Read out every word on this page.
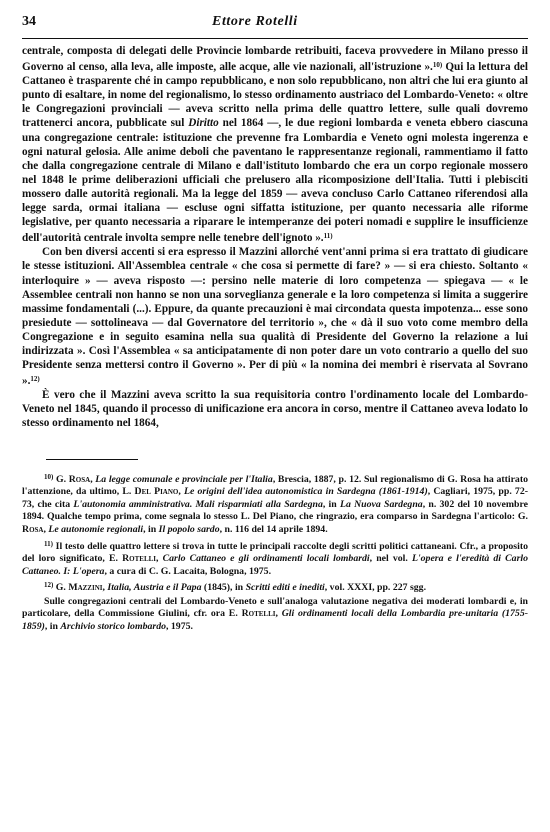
34	Ettore Rotelli

centrale, composta di delegati delle Provincie lombarde retribuiti, faceva provvedere in Milano presso il Governo al censo, alla leva, alle imposte, alle acque, alle vie nazionali, all'istruzione ».$^{10)}$ Qui la lettura del Cattaneo è trasparente ché in campo repubblicano, e non solo repubblicano, non altri che lui era giunto al punto di esaltare, in nome del regionalismo, lo stesso ordinamento austriaco del Lombardo-Veneto: « oltre le Congregazioni provinciali — aveva scritto nella prima delle quattro lettere, sulle quali dovremo trattenerci ancora, pubblicate sul Diritto nel 1864 —, le due regioni lombarda e veneta ebbero ciascuna una congregazione centrale: istituzione che prevenne fra Lombardia e Veneto ogni molesta ingerenza e ogni natural gelosia. Alle anime deboli che paventano le rappresentanze regionali, rammentiamo il fatto che dalla congregazione centrale di Milano e dall'istituto lombardo che era un corpo regionale mossero nel 1848 le prime deliberazioni ufficiali che prelusero alla ricomposizione dell'Italia. Tutti i plebisciti mossero dalle autorità regionali. Ma la legge del 1859 — aveva concluso Carlo Cattaneo riferendosi alla legge sarda, ormai italiana — escluse ogni siffatta istituzione, per quanto necessaria alle riforme legislative, per quanto necessaria a riparare le intemperanze dei poteri nomadi e supplire le insufficienze dell'autorità centrale involta sempre nelle tenebre dell'ignoto ».$^{11)}$

Con ben diversi accenti si era espresso il Mazzini allorché vent'anni prima si era trattato di giudicare le stesse istituzioni. All'Assemblea centrale « che cosa si permette di fare? » — si era chiesto. Soltanto « interloquire » — aveva risposto —: persino nelle materie di loro competenza — spiegava — « le Assemblee centrali non hanno se non una sorveglianza generale e la loro competenza si limita a suggerire massime fondamentali (...). Eppure, da quante precauzioni è mai circondata questa impotenza... esse sono presiedute — sottolineava — dal Governatore del territorio », che « dà il suo voto come membro della Congregazione e in seguito esamina nella sua qualità di Presidente del Governo la relazione a lui indirizzata ». Così l'Assemblea « sa anticipatamente di non poter dare un voto contrario a quello del suo Presidente senza mettersi contro il Governo ». Per di più « la nomina dei membri è riservata al Sovrano ».$^{12)}$

È vero che il Mazzini aveva scritto la sua requisitoria contro l'ordinamento locale del Lombardo-Veneto nel 1845, quando il processo di unificazione era ancora in corso, mentre il Cattaneo aveva lodato lo stesso ordinamento nel 1864,

$^{10)}$ G. Rosa, La legge comunale e provinciale per l'Italia, Brescia, 1887, p. 12. Sul regionalismo di G. Rosa ha attirato l'attenzione, da ultimo, L. Del Piano, Le origini dell'idea autonomistica in Sardegna (1861-1914), Cagliari, 1975, pp. 72-73, che cita L'autonomia amministrativa. Mali risparmiati alla Sardegna, in La Nuova Sardegna, n. 302 del 10 novembre 1894. Qualche tempo prima, come segnala lo stesso L. Del Piano, che ringrazio, era comparso in Sardegna l'articolo: G. Rosa, Le autonomie regionali, in Il popolo sardo, n. 116 del 14 aprile 1894.

$^{11)}$ Il testo delle quattro lettere si trova in tutte le principali raccolte degli scritti politici cattaneani. Cfr., a proposito del loro significato, E. Rotelli, Carlo Cattaneo e gli ordinamenti locali lombardi, nel vol. L'opera e l'eredità di Carlo Cattaneo. I: L'opera, a cura di C. G. Lacaita, Bologna, 1975.

$^{12)}$ G. Mazzini, Italia, Austria e il Papa (1845), in Scritti editi e inediti, vol. XXXI, pp. 227 sgg.

Sulle congregazioni centrali del Lombardo-Veneto e sull'analoga valutazione negativa dei moderati lombardi e, in particolare, della Commissione Giulini, cfr. ora E. Rotelli, Gli ordinamenti locali della Lombardia pre-unitaria (1755-1859), in Archivio storico lombardo, 1975.
